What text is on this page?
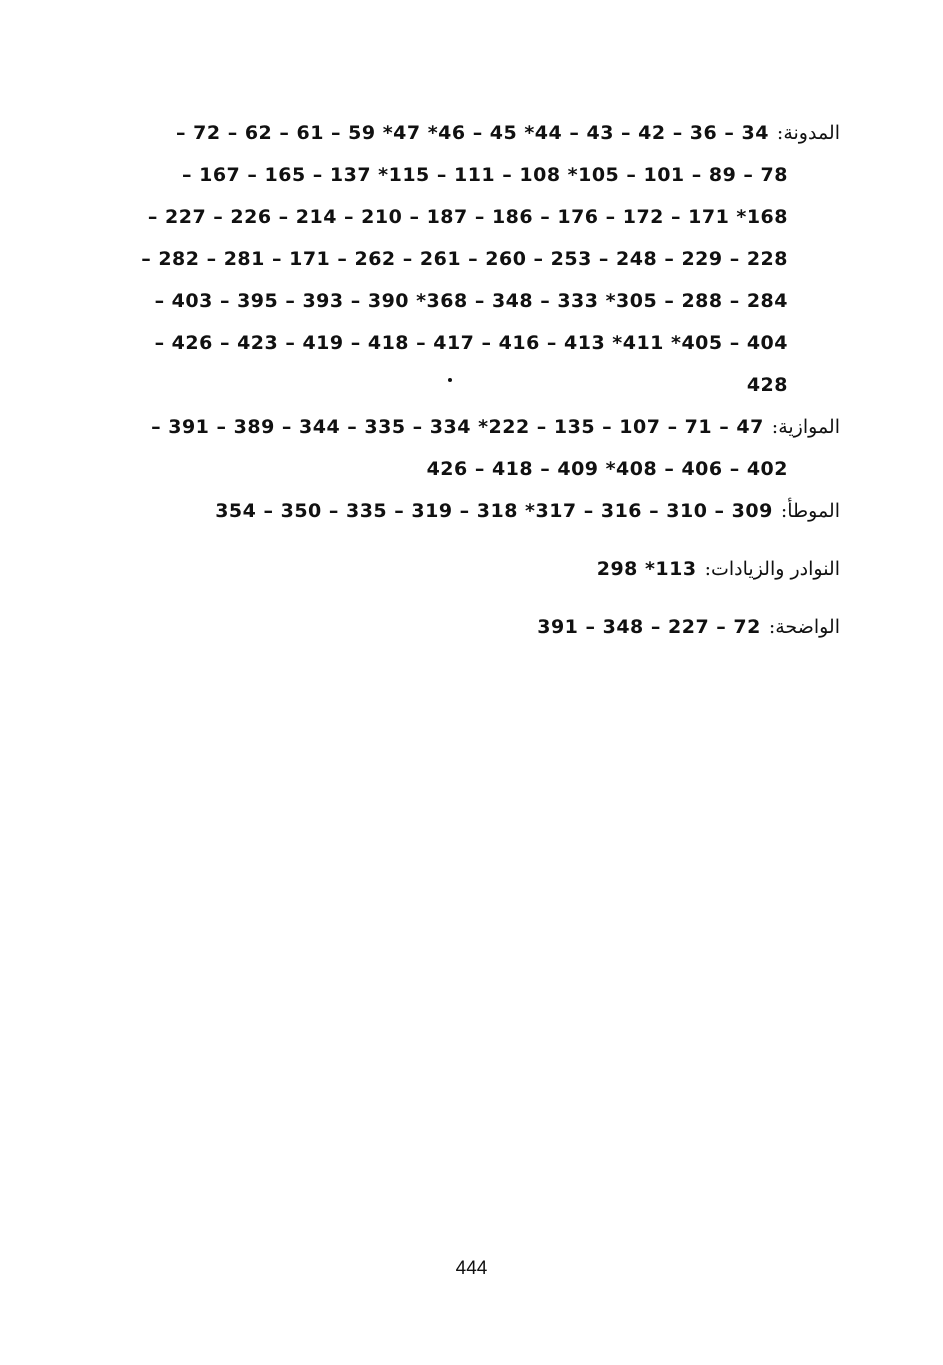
المدونة:
– 72 – 62 – 61 – 59 *47 *46 – 45 *44 – 43 – 42 – 36 – 34
– 167 – 165 – 137 *115 – 111 – 108 *105 – 101 – 89 – 78
– 227 – 226 – 214 – 210 – 187 – 186 – 176 – 172 – 171 *168
– 282 – 281 – 171 – 262 – 261 – 260 – 253 – 248 – 229 – 228
– 403 – 395 – 393 – 390 *368 – 348 – 333 *305 – 288 – 284
– 426 – 423 – 419 – 418 – 417 – 416 – 413 *411 *405 – 404
428
الموازية:
– 391 – 389 – 344 – 335 – 334 *222 – 135 – 107 – 71 – 47
426 – 418 – 409 *408 – 406 – 402
الموطأ:
354 – 350 – 335 – 319 – 318 *317 – 316 – 310 – 309
النوادر والزيادات:
298 *113
الواضحة:
391 – 348 – 227 – 72
444
